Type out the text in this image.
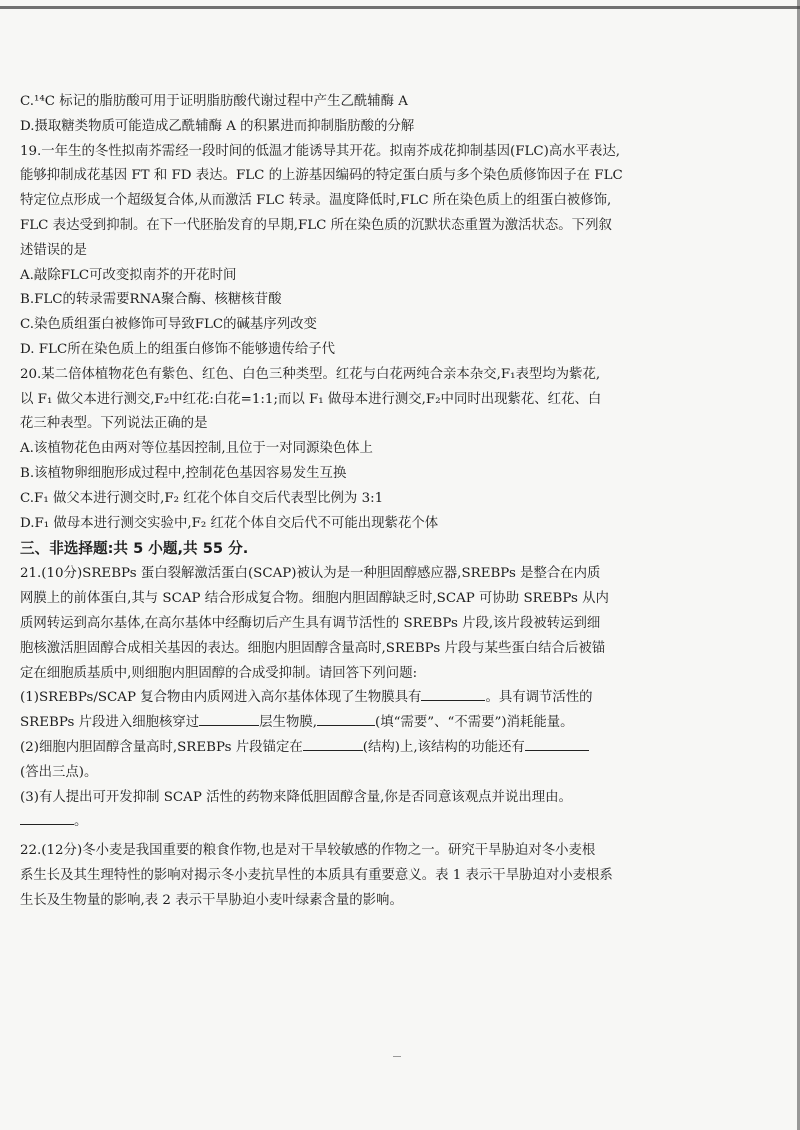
C.¹⁴C 标记的脂肪酸可用于证明脂肪酸代谢过程中产生乙酰辅酶 A
D.摄取糖类物质可能造成乙酰辅酶 A 的积累进而抑制脂肪酸的分解
19.一年生的冬性拟南芥需经一段时间的低温才能诱导其开花。拟南芥成花抑制基因(FLC)高水平表达,
能够抑制成花基因 FT 和 FD 表达。FLC 的上游基因编码的特定蛋白质与多个染色质修饰因子在 FLC
特定位点形成一个超级复合体,从而激活 FLC 转录。温度降低时,FLC 所在染色质上的组蛋白被修饰,
FLC 表达受到抑制。在下一代胚胎发育的早期,FLC 所在染色质的沉默状态重置为激活状态。下列叙
述错误的是
A.敲除FLC可改变拟南芥的开花时间
B.FLC的转录需要RNA聚合酶、核糖核苷酸
C.染色质组蛋白被修饰可导致FLC的碱基序列改变
D. FLC所在染色质上的组蛋白修饰不能够遗传给子代
20.某二倍体植物花色有紫色、红色、白色三种类型。红花与白花两纯合亲本杂交,F₁表型均为紫花,
以 F₁ 做父本进行测交,F₂中红花:白花=1:1;而以 F₁ 做母本进行测交,F₂中同时出现紫花、红花、白
花三种表型。下列说法正确的是
A.该植物花色由两对等位基因控制,且位于一对同源染色体上
B.该植物卵细胞形成过程中,控制花色基因容易发生互换
C.F₁ 做父本进行测交时,F₂ 红花个体自交后代表型比例为 3:1
D.F₁ 做母本进行测交实验中,F₂ 红花个体自交后代不可能出现紫花个体
三、非选择题:共 5 小题,共 55 分.
21.(10分)SREBPs 蛋白裂解激活蛋白(SCAP)被认为是一种胆固醇感应器,SREBPs 是整合在内质
网膜上的前体蛋白,其与 SCAP 结合形成复合物。细胞内胆固醇缺乏时,SCAP 可协助 SREBPs 从内
质网转运到高尔基体,在高尔基体中经酶切后产生具有调节活性的 SREBPs 片段,该片段被转运到细
胞核激活胆固醇合成相关基因的表达。细胞内胆固醇含量高时,SREBPs 片段与某些蛋白结合后被锚
定在细胞质基质中,则细胞内胆固醇的合成受抑制。请回答下列问题:
(1)SREBPs/SCAP 复合物由内质网进入高尔基体体现了生物膜具有	。具有调节活性的
SREBPs 片段进入细胞核穿过	层生物膜,	(填“需要”、“不需要”)消耗能量。
(2)细胞内胆固醇含量高时,SREBPs 片段锚定在	(结构)上,该结构的功能还有
(答出三点)。
(3)有人提出可开发抑制 SCAP 活性的药物来降低胆固醇含量,你是否同意该观点并说出理由。
。
22.(12分)冬小麦是我国重要的粮食作物,也是对干旱较敏感的作物之一。研究干旱胁迫对冬小麦根
系生长及其生理特性的影响对揭示冬小麦抗旱性的本质具有重要意义。表 1 表示干旱胁迫对小麦根系
生长及生物量的影响,表 2 表示干旱胁迫小麦叶绿素含量的影响。
